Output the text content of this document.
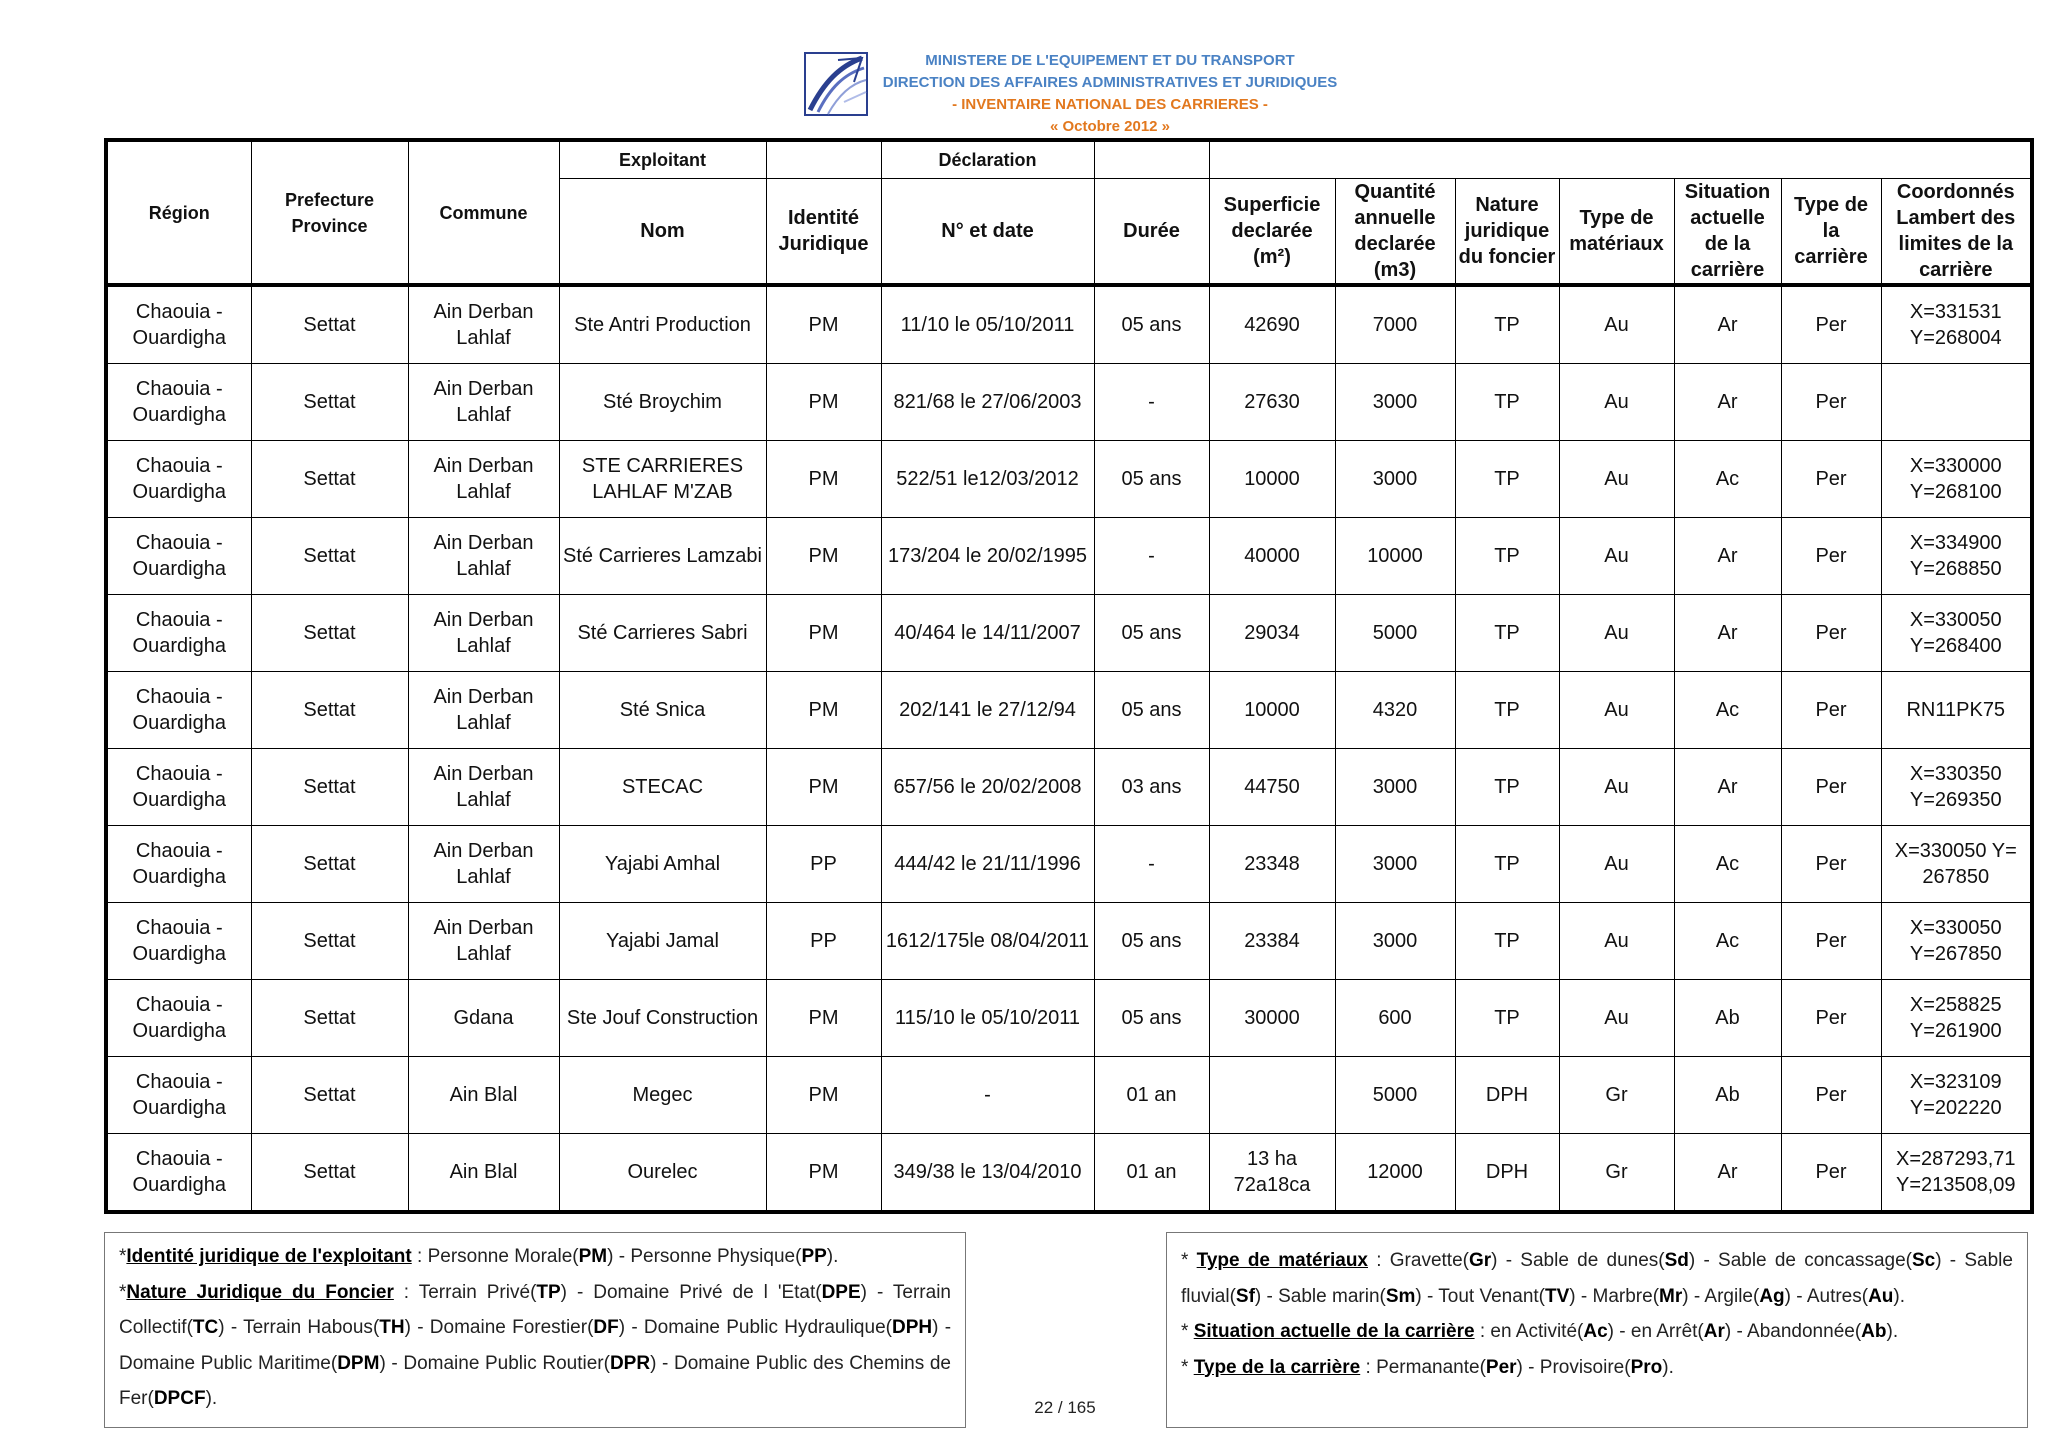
MINISTERE DE L'EQUIPEMENT ET DU TRANSPORT
DIRECTION DES AFFAIRES ADMINISTRATIVES ET JURIDIQUES
- INVENTAIRE NATIONAL DES CARRIERES -
« Octobre 2012 »
Région	Prefecture Province	Commune	Exploitant		Déclaration								
			Nom	Identité Juridique	N° et date	Durée	Superficie declarée (m²)	Quantité annuelle declarée (m3)	Nature juridique du foncier	Type de matériaux	Situation actuelle de la carrière	Type de la carrière	Coordonnés Lambert des limites de la carrière
Chaouia - Ouardigha	Settat	Ain Derban Lahlaf	Ste Antri Production	PM	11/10 le 05/10/2011	05 ans	42690	7000	TP	Au	Ar	Per	X=331531 Y=268004
Chaouia - Ouardigha	Settat	Ain Derban Lahlaf	Sté Broychim	PM	821/68 le 27/06/2003	-	27630	3000	TP	Au	Ar	Per	
Chaouia - Ouardigha	Settat	Ain Derban Lahlaf	STE CARRIERES LAHLAF M'ZAB	PM	522/51 le12/03/2012	05 ans	10000	3000	TP	Au	Ac	Per	X=330000 Y=268100
Chaouia - Ouardigha	Settat	Ain Derban Lahlaf	Sté Carrieres Lamzabi	PM	173/204 le 20/02/1995	-	40000	10000	TP	Au	Ar	Per	X=334900 Y=268850
Chaouia - Ouardigha	Settat	Ain Derban Lahlaf	Sté Carrieres Sabri	PM	40/464 le 14/11/2007	05 ans	29034	5000	TP	Au	Ar	Per	X=330050 Y=268400
Chaouia - Ouardigha	Settat	Ain Derban Lahlaf	Sté Snica	PM	202/141 le 27/12/94	05 ans	10000	4320	TP	Au	Ac	Per	RN11PK75
Chaouia - Ouardigha	Settat	Ain Derban Lahlaf	STECAC	PM	657/56 le 20/02/2008	03 ans	44750	3000	TP	Au	Ar	Per	X=330350 Y=269350
Chaouia - Ouardigha	Settat	Ain Derban Lahlaf	Yajabi Amhal	PP	444/42 le 21/11/1996	-	23348	3000	TP	Au	Ac	Per	X=330050 Y= 267850
Chaouia - Ouardigha	Settat	Ain Derban Lahlaf	Yajabi Jamal	PP	1612/175le 08/04/2011	05 ans	23384	3000	TP	Au	Ac	Per	X=330050 Y=267850
Chaouia - Ouardigha	Settat	Gdana	Ste Jouf Construction	PM	115/10 le 05/10/2011	05 ans	30000	600	TP	Au	Ab	Per	X=258825 Y=261900
Chaouia - Ouardigha	Settat	Ain Blal	Megec	PM	-	01 an		5000	DPH	Gr	Ab	Per	X=323109 Y=202220
Chaouia - Ouardigha	Settat	Ain Blal	Ourelec	PM	349/38 le 13/04/2010	01 an	13 ha 72a18ca	12000	DPH	Gr	Ar	Per	X=287293,71 Y=213508,09
*Identité juridique de l'exploitant : Personne Morale(PM) - Personne Physique(PP).
*Nature Juridique du Foncier : Terrain Privé(TP) - Domaine Privé de l 'Etat(DPE) - Terrain Collectif(TC) - Terrain Habous(TH) - Domaine Forestier(DF) - Domaine Public Hydraulique(DPH) - Domaine Public Maritime(DPM) - Domaine Public Routier(DPR) - Domaine Public des Chemins de Fer(DPCF).
* Type de matériaux : Gravette(Gr) - Sable de dunes(Sd) - Sable de concassage(Sc) - Sable fluvial(Sf) - Sable marin(Sm) - Tout Venant(TV) - Marbre(Mr) - Argile(Ag) - Autres(Au).
* Situation actuelle de la carrière : en Activité(Ac) - en Arrêt(Ar) - Abandonnée(Ab).
* Type de la carrière : Permanante(Per) - Provisoire(Pro).
22 / 165
